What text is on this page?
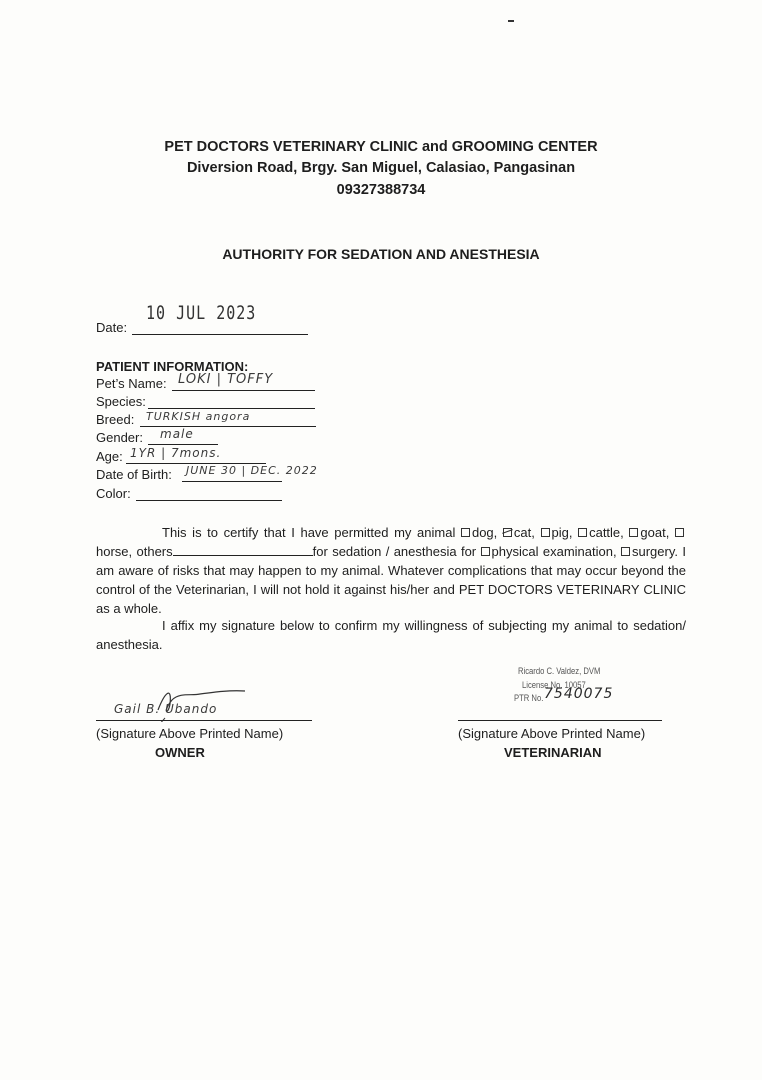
PET DOCTORS VETERINARY CLINIC and GROOMING CENTER
Diversion Road, Brgy. San Miguel, Calasiao, Pangasinan
09327388734
AUTHORITY FOR SEDATION AND ANESTHESIA
Date:
10 JUL 2023
PATIENT INFORMATION:
Pet’s Name: LOKI | TOFFY
Species:
Breed: TURKISH angora
Gender: male
Age: 1YR | 7mons.
Date of Birth: JUNE 30 | DEC. 2022
Color:
This is to certify that I have permitted my animal dog, cat, pig, cattle, goat, horse, others	for sedation / anesthesia for physical examination, surgery. I am aware of risks that may happen to my animal. Whatever complications that may occur beyond the control of the Veterinarian, I will not hold it against his/her and PET DOCTORS VETERINARY CLINIC as a whole.
I affix my signature below to confirm my willingness of subjecting my animal to sedation/ anesthesia.
Gail B. Ubando
(Signature Above Printed Name)
OWNER
Ricardo C. Valdez, DVM
License No. 10057
PTR No. 7540075
(Signature Above Printed Name)
VETERINARIAN
